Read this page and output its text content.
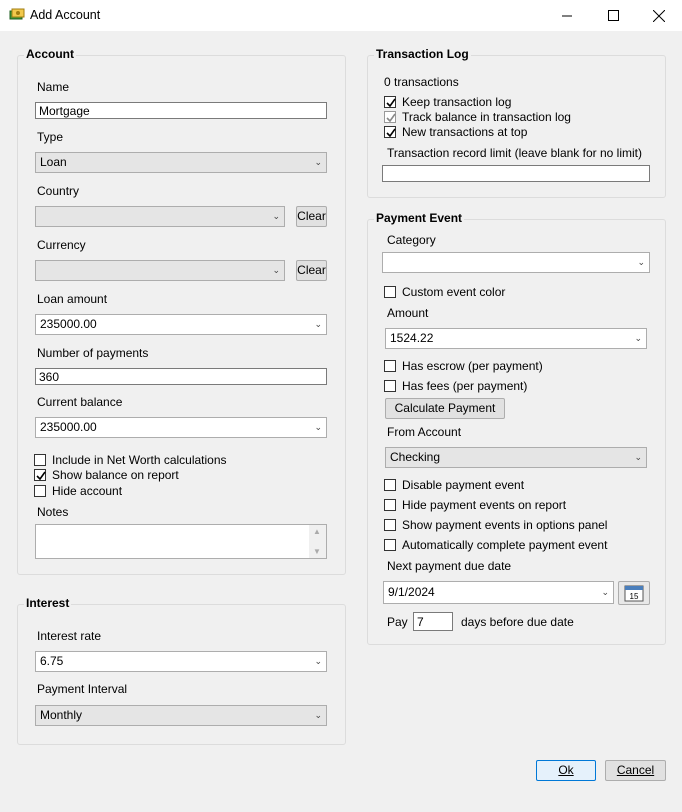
Add Account
Account
Name
Mortgage
Type
Loan	⌄
Country
⌄ Clear
Currency
⌄ Clear
Loan amount
235000.00	⌄
Number of payments
360
Current balance
235000.00	⌄
Include in Net Worth calculations
Show balance on report
Hide account
Notes
▲
▼
Interest
Interest rate
6.75	⌄
Payment Interval
Monthly	⌄
Transaction Log
0 transactions
Keep transaction log
Track balance in transaction log
New transactions at top
Transaction record limit (leave blank for no limit)
Payment Event
Category
⌄
Custom event color
Amount
1524.22	⌄
Has escrow (per payment)
Has fees (per payment)
Calculate Payment
From Account
Checking	⌄
Disable payment event
Hide payment events on report
Show payment events in options panel
Automatically complete payment event
Next payment due date
9/1/2024	⌄	15
Pay 7	days before due date
Ok	Cancel
